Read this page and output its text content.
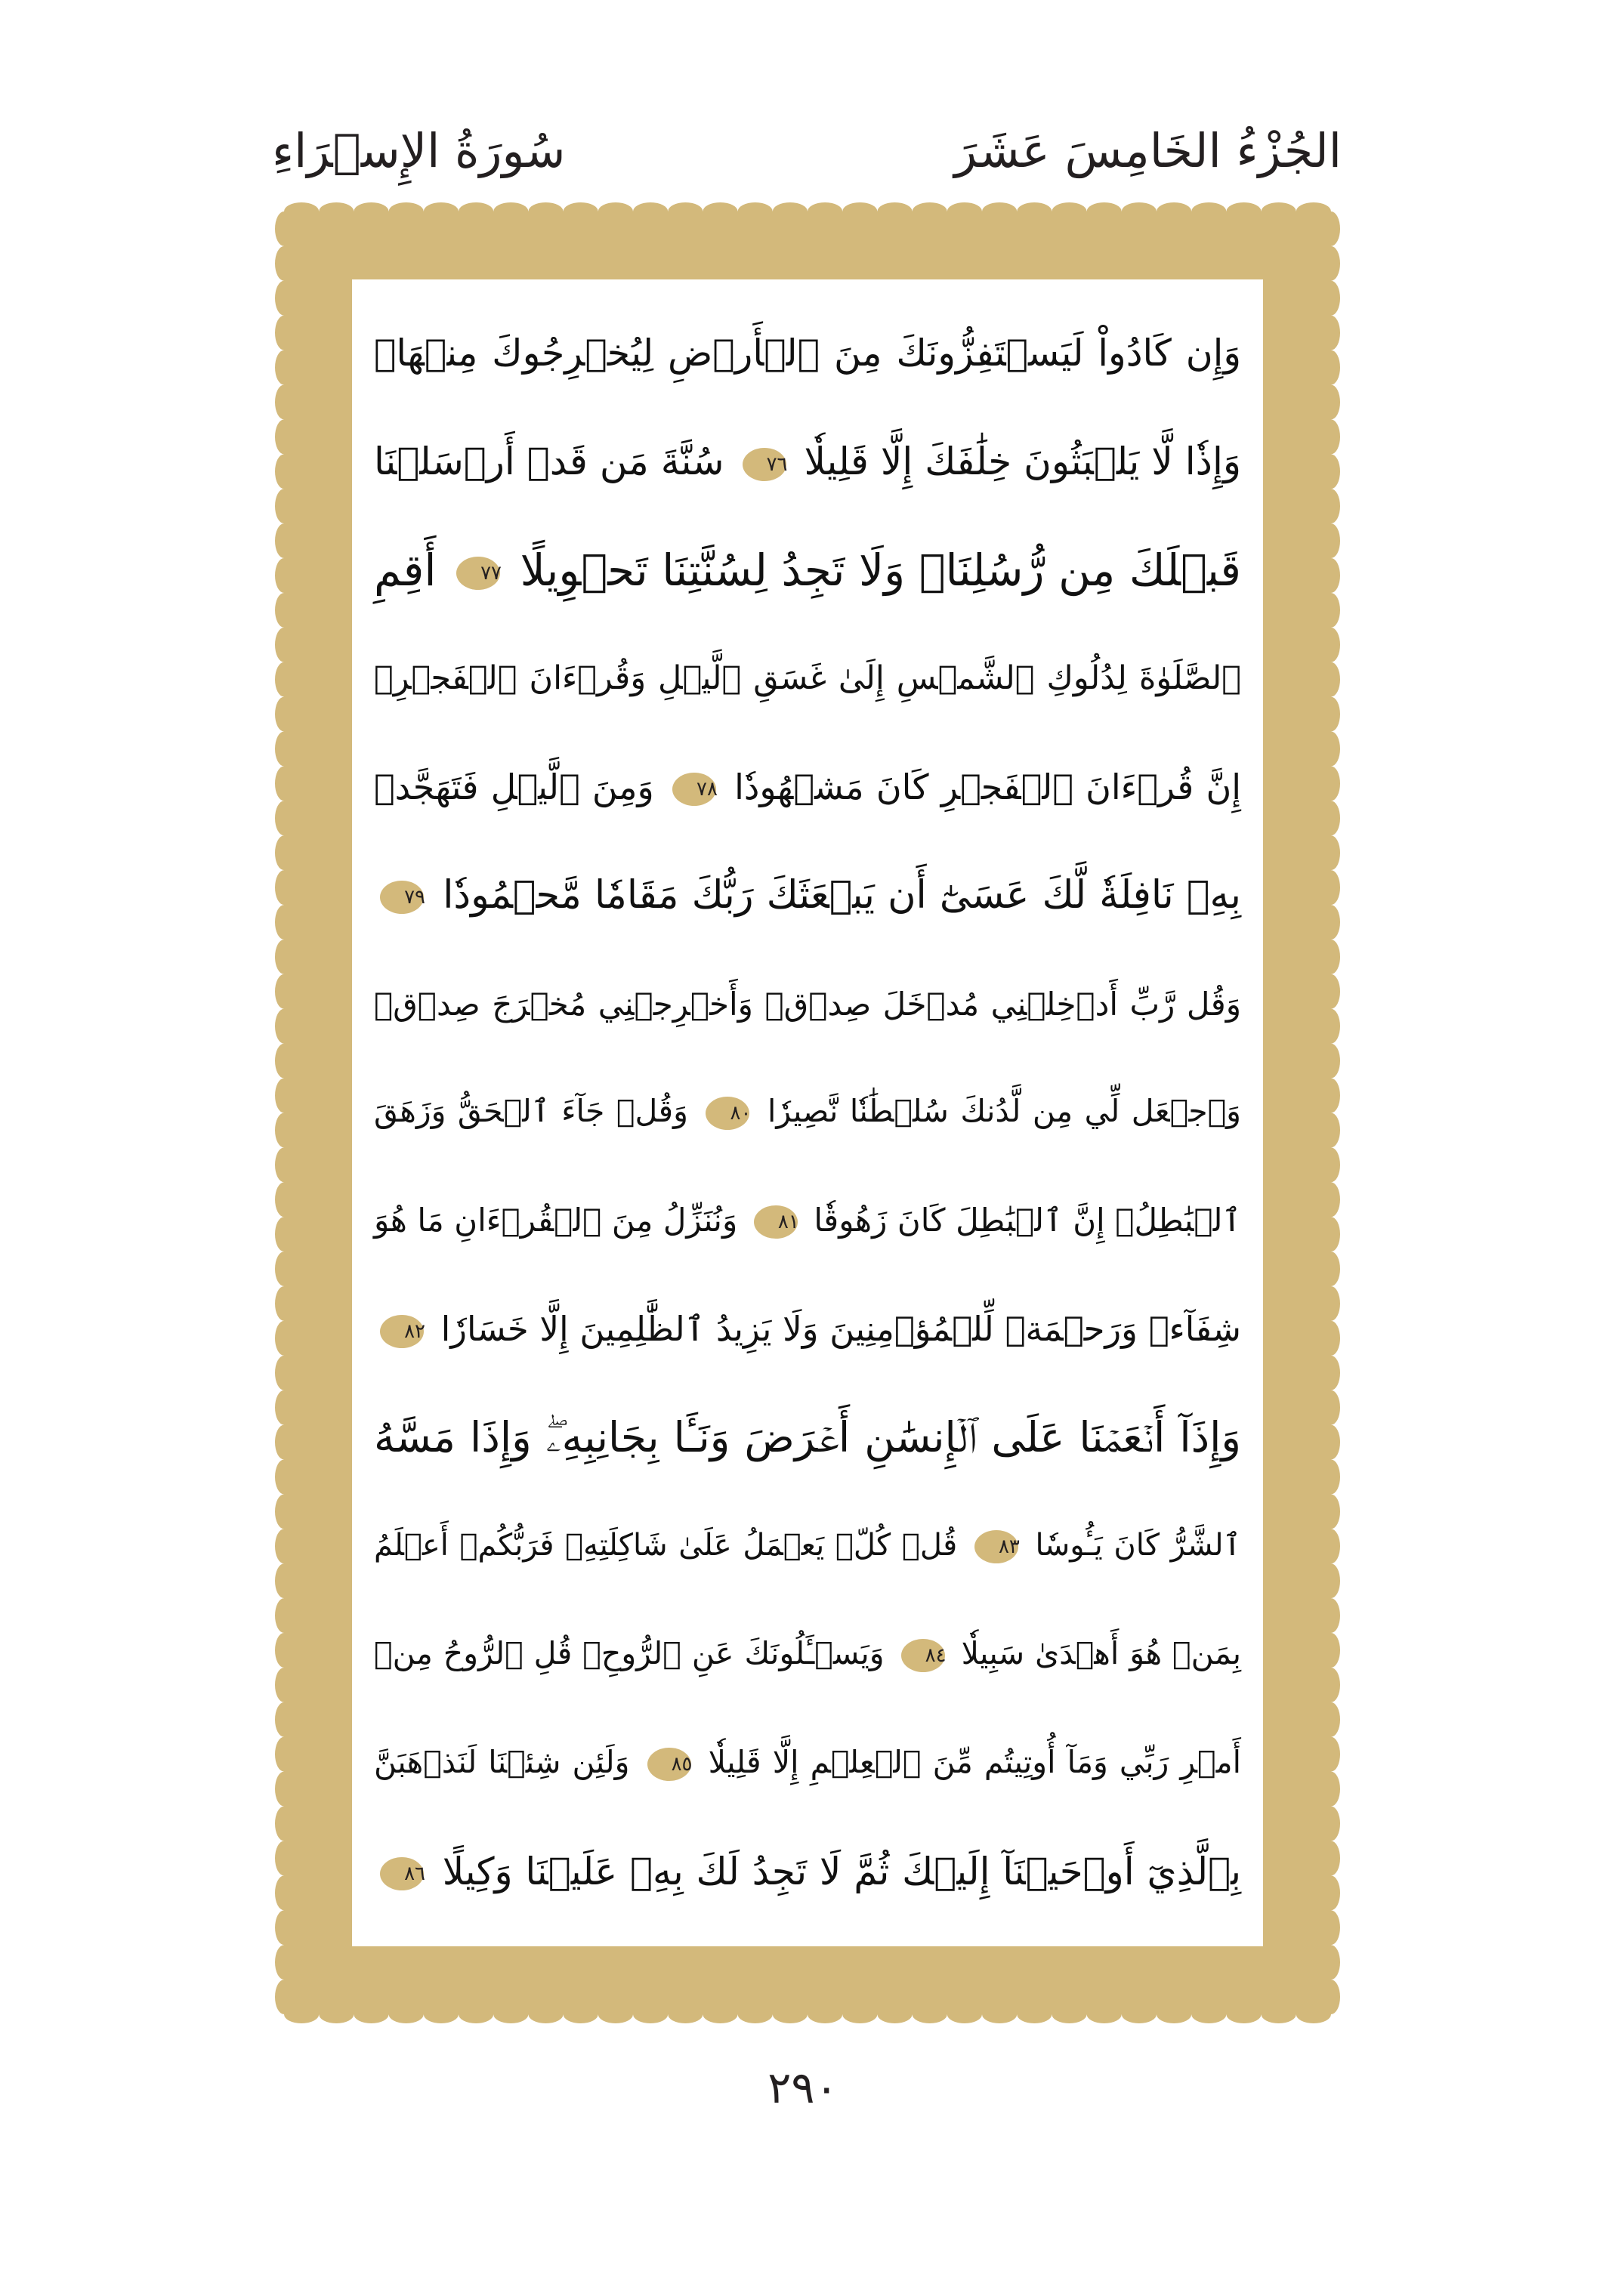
الجُزْءُ الخَامِسَ عَشَرَ
سُورَةُ الإِسۡرَاءِ
وَإِن كَادُواْ لَيَسۡتَفِزُّونَكَ مِنَ ٱلۡأَرۡضِ لِيُخۡرِجُوكَ مِنۡهَاۖ
وَإِذٗا لَّا يَلۡبَثُونَ خِلَٰفَكَ إِلَّا قَلِيلٗا
٧٦
سُنَّةَ مَن قَدۡ أَرۡسَلۡنَا
قَبۡلَكَ مِن رُّسُلِنَاۖ وَلَا تَجِدُ لِسُنَّتِنَا تَحۡوِيلًا
٧٧
أَقِمِ
ٱلصَّلَوٰةَ لِدُلُوكِ ٱلشَّمۡسِ إِلَىٰ غَسَقِ ٱلَّيۡلِ وَقُرۡءَانَ ٱلۡفَجۡرِۖ
إِنَّ قُرۡءَانَ ٱلۡفَجۡرِ كَانَ مَشۡهُودٗا
٧٨
وَمِنَ ٱلَّيۡلِ فَتَهَجَّدۡ
بِهِۦ نَافِلَةٗ لَّكَ عَسَىٰٓ أَن يَبۡعَثَكَ رَبُّكَ مَقَامٗا مَّحۡمُودٗا
٧٩
وَقُل رَّبِّ أَدۡخِلۡنِي مُدۡخَلَ صِدۡقٖ وَأَخۡرِجۡنِي مُخۡرَجَ صِدۡقٖ
وَٱجۡعَل لِّي مِن لَّدُنكَ سُلۡطَٰنٗا نَّصِيرٗا
٨٠
وَقُلۡ جَآءَ ٱلۡحَقُّ وَزَهَقَ
ٱلۡبَٰطِلُۚ إِنَّ ٱلۡبَٰطِلَ كَانَ زَهُوقٗا
٨١
وَنُنَزِّلُ مِنَ ٱلۡقُرۡءَانِ مَا هُوَ
شِفَآءٞ وَرَحۡمَةٞ لِّلۡمُؤۡمِنِينَ وَلَا يَزِيدُ ٱلظَّٰلِمِينَ إِلَّا خَسَارٗا
٨٢
وَإِذَآ أَنۡعَمۡنَا عَلَى ٱلۡإِنسَٰنِ أَعۡرَضَ وَنَـَٔا بِجَانِبِهِۦۖ وَإِذَا مَسَّهُ
ٱلشَّرُّ كَانَ يَـُٔوسٗا
٨٣
قُلۡ كُلّٞ يَعۡمَلُ عَلَىٰ شَاكِلَتِهِۦ فَرَبُّكُمۡ أَعۡلَمُ
بِمَنۡ هُوَ أَهۡدَىٰ سَبِيلٗا
٨٤
وَيَسۡـَٔلُونَكَ عَنِ ٱلرُّوحِۖ قُلِ ٱلرُّوحُ مِنۡ
أَمۡرِ رَبِّي وَمَآ أُوتِيتُم مِّنَ ٱلۡعِلۡمِ إِلَّا قَلِيلٗا
٨٥
وَلَئِن شِئۡنَا لَنَذۡهَبَنَّ
بِٱلَّذِيٓ أَوۡحَيۡنَآ إِلَيۡكَ ثُمَّ لَا تَجِدُ لَكَ بِهِۦ عَلَيۡنَا وَكِيلًا
٨٦
٢٩٠
